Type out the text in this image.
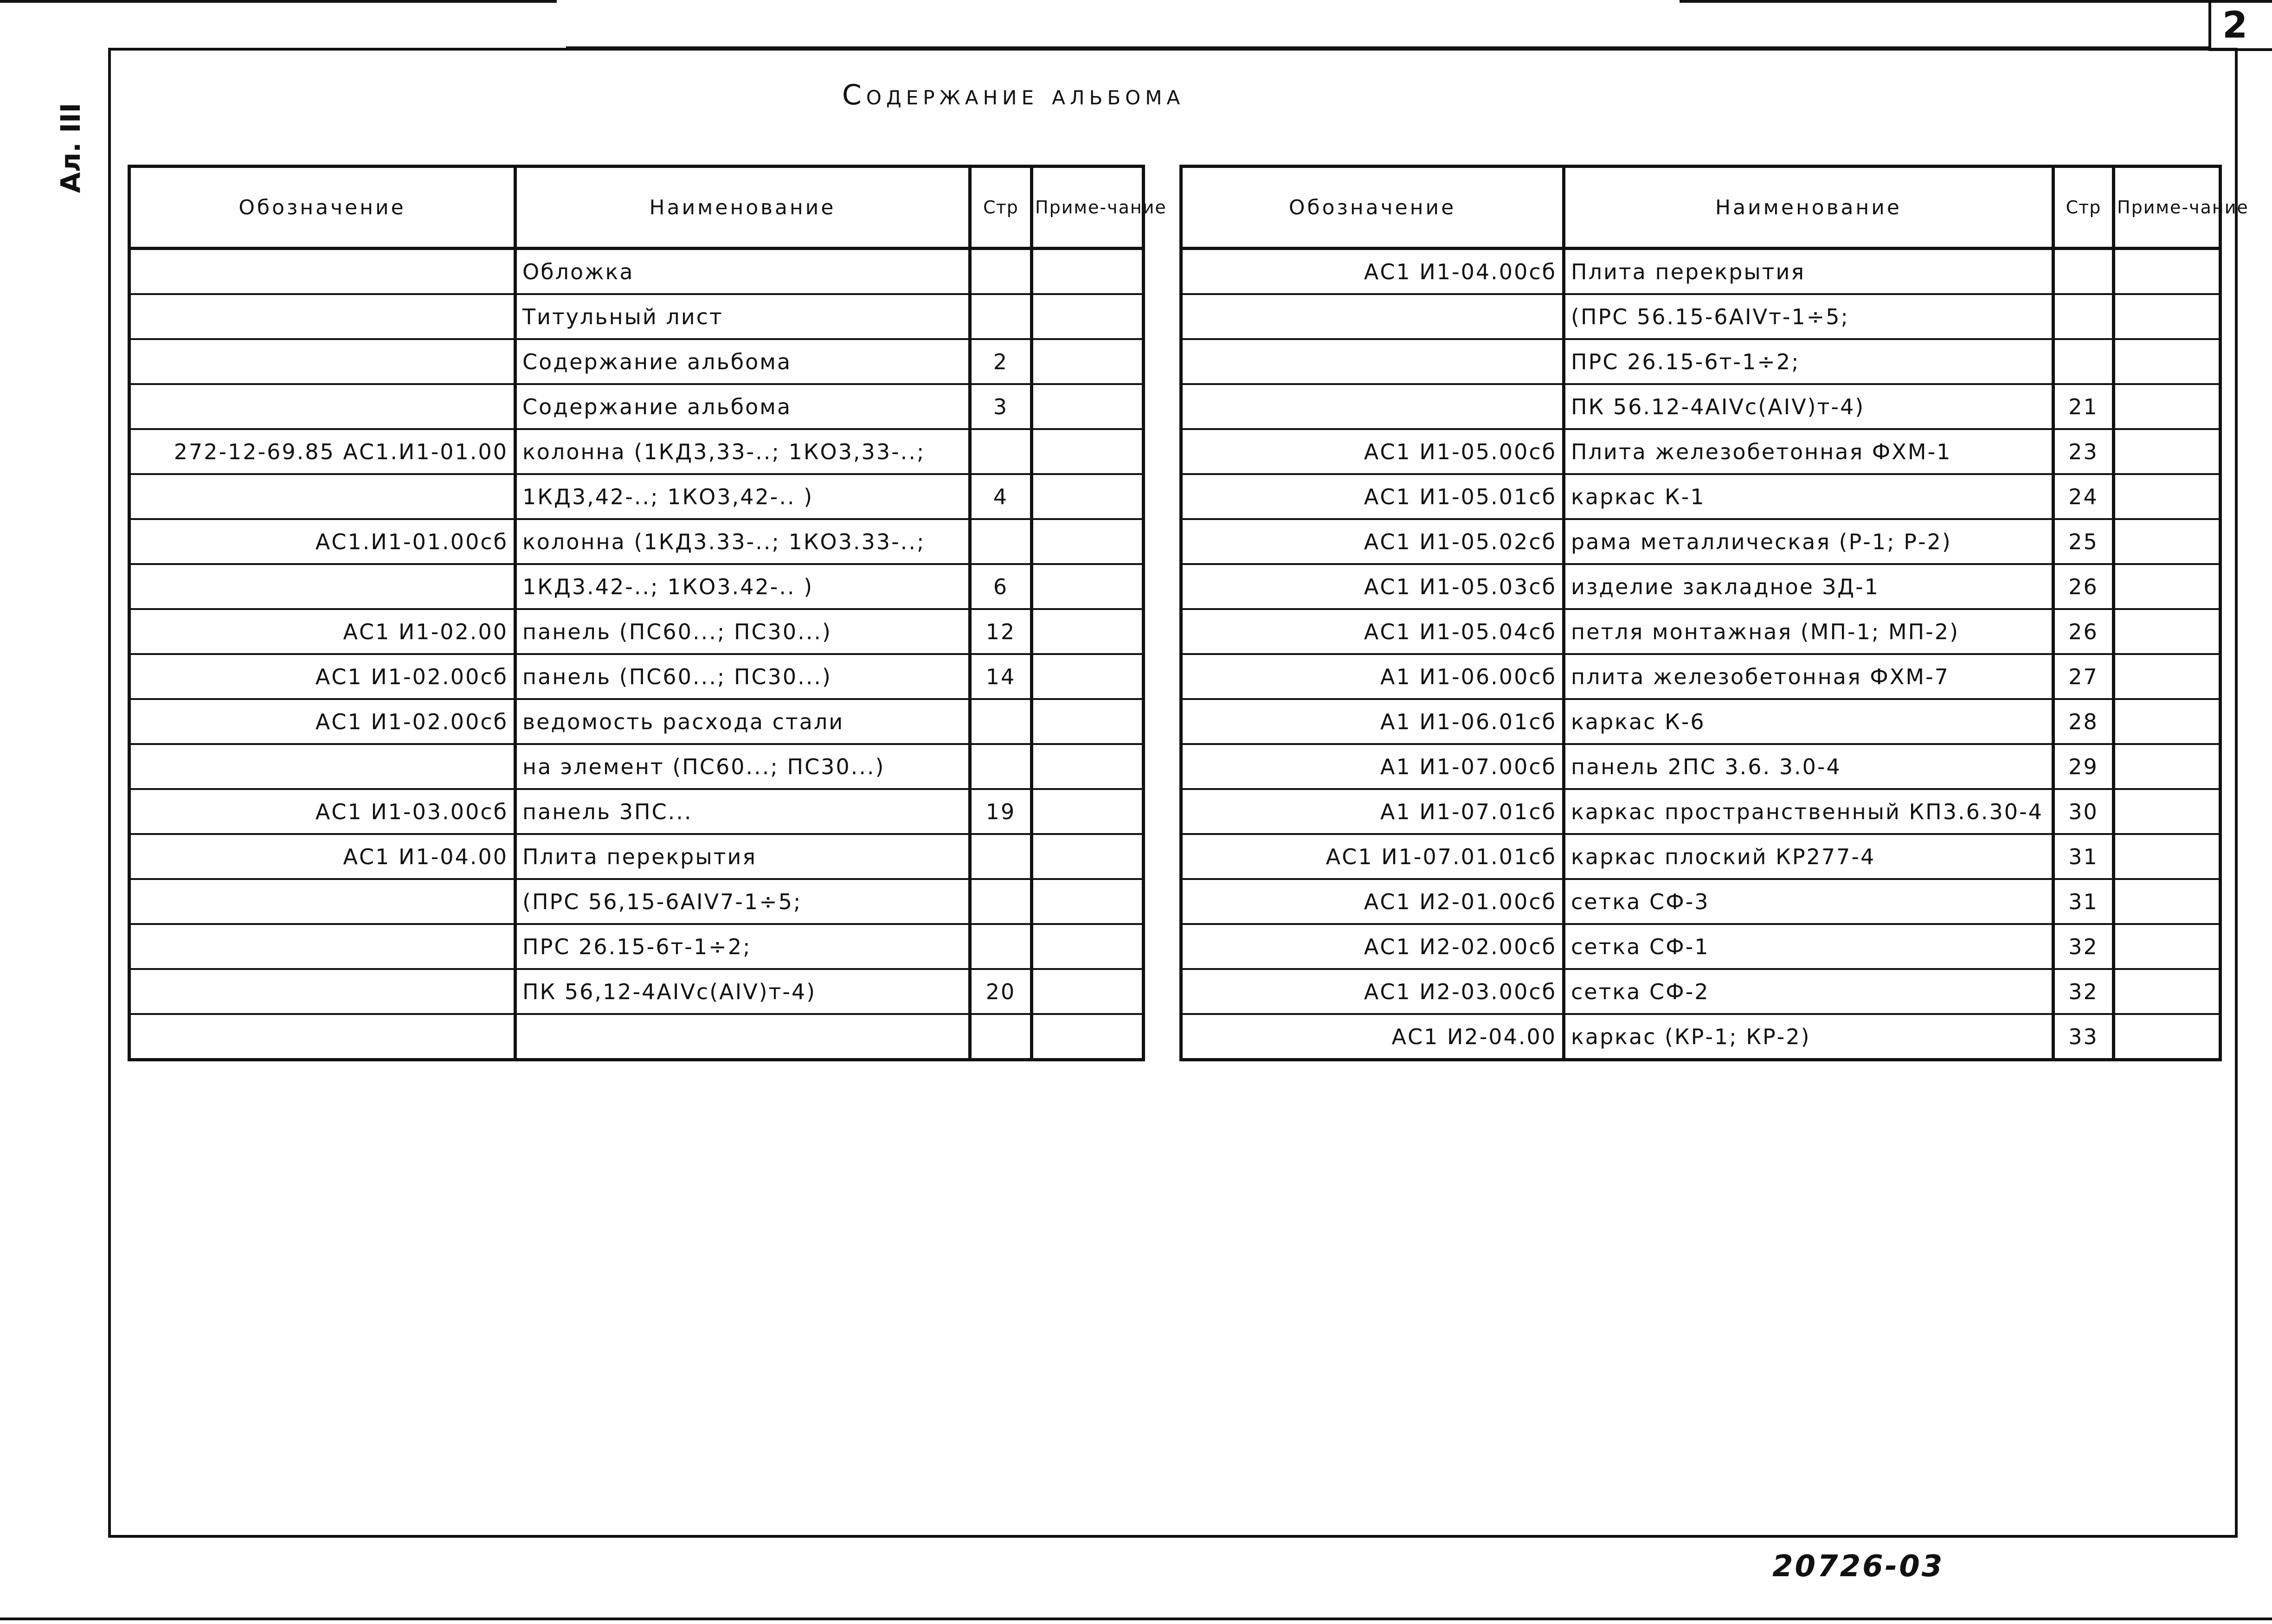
2
Ал. III
Содержание альбома
Обозначение	Наименование	Стр	Приме-чание
	Обложка		
	Титульный лист		
	Содержание альбома	2	
	Содержание альбома	3	
272-12-69.85 АС1.И1-01.00	колонна (1КД3,33-..; 1КО3,33-..;		
	1КД3,42-..; 1КО3,42-.. )	4	
АС1.И1-01.00сб	колонна (1КД3.33-..; 1КО3.33-..;		
	1КД3.42-..; 1КО3.42-.. )	6	
АС1 И1-02.00	панель (ПС60...; ПС30...)	12	
АС1 И1-02.00сб	панель (ПС60...; ПС30...)	14	
АС1 И1-02.00сб	ведомость расхода стали		
	на элемент (ПС60...; ПС30...)		
АС1 И1-03.00сб	панель 3ПС...	19	
АС1 И1-04.00	Плита перекрытия		
	(ПРС 56,15-6АIV7-1÷5;		
	ПРС 26.15-6т-1÷2;		
	ПК 56,12-4АIVс(АIV)т-4)	20	

Обозначение	Наименование	Стр	Приме-чание
АС1 И1-04.00сб	Плита перекрытия		
	(ПРС 56.15-6АIVт-1÷5;		
	ПРС 26.15-6т-1÷2;		
	ПК 56.12-4АIVс(АIV)т-4)	21	
АС1 И1-05.00сб	Плита железобетонная ФХМ-1	23	
АС1 И1-05.01сб	каркас К-1	24	
АС1 И1-05.02сб	рама металлическая (Р-1; Р-2)	25	
АС1 И1-05.03сб	изделие закладное ЗД-1	26	
АС1 И1-05.04сб	петля монтажная (МП-1; МП-2)	26	
А1 И1-06.00сб	плита железобетонная ФХМ-7	27	
А1 И1-06.01сб	каркас К-6	28	
А1 И1-07.00сб	панель 2ПС 3.6. 3.0-4	29	
А1 И1-07.01сб	каркас пространственный КП3.6.30-4	30	
АС1 И1-07.01.01сб	каркас плоский КР277-4	31	
АС1 И2-01.00сб	сетка СФ-3	31	
АС1 И2-02.00сб	сетка СФ-1	32	
АС1 И2-03.00сб	сетка СФ-2	32	
АС1 И2-04.00	каркас (КР-1; КР-2)	33	
20726-03
